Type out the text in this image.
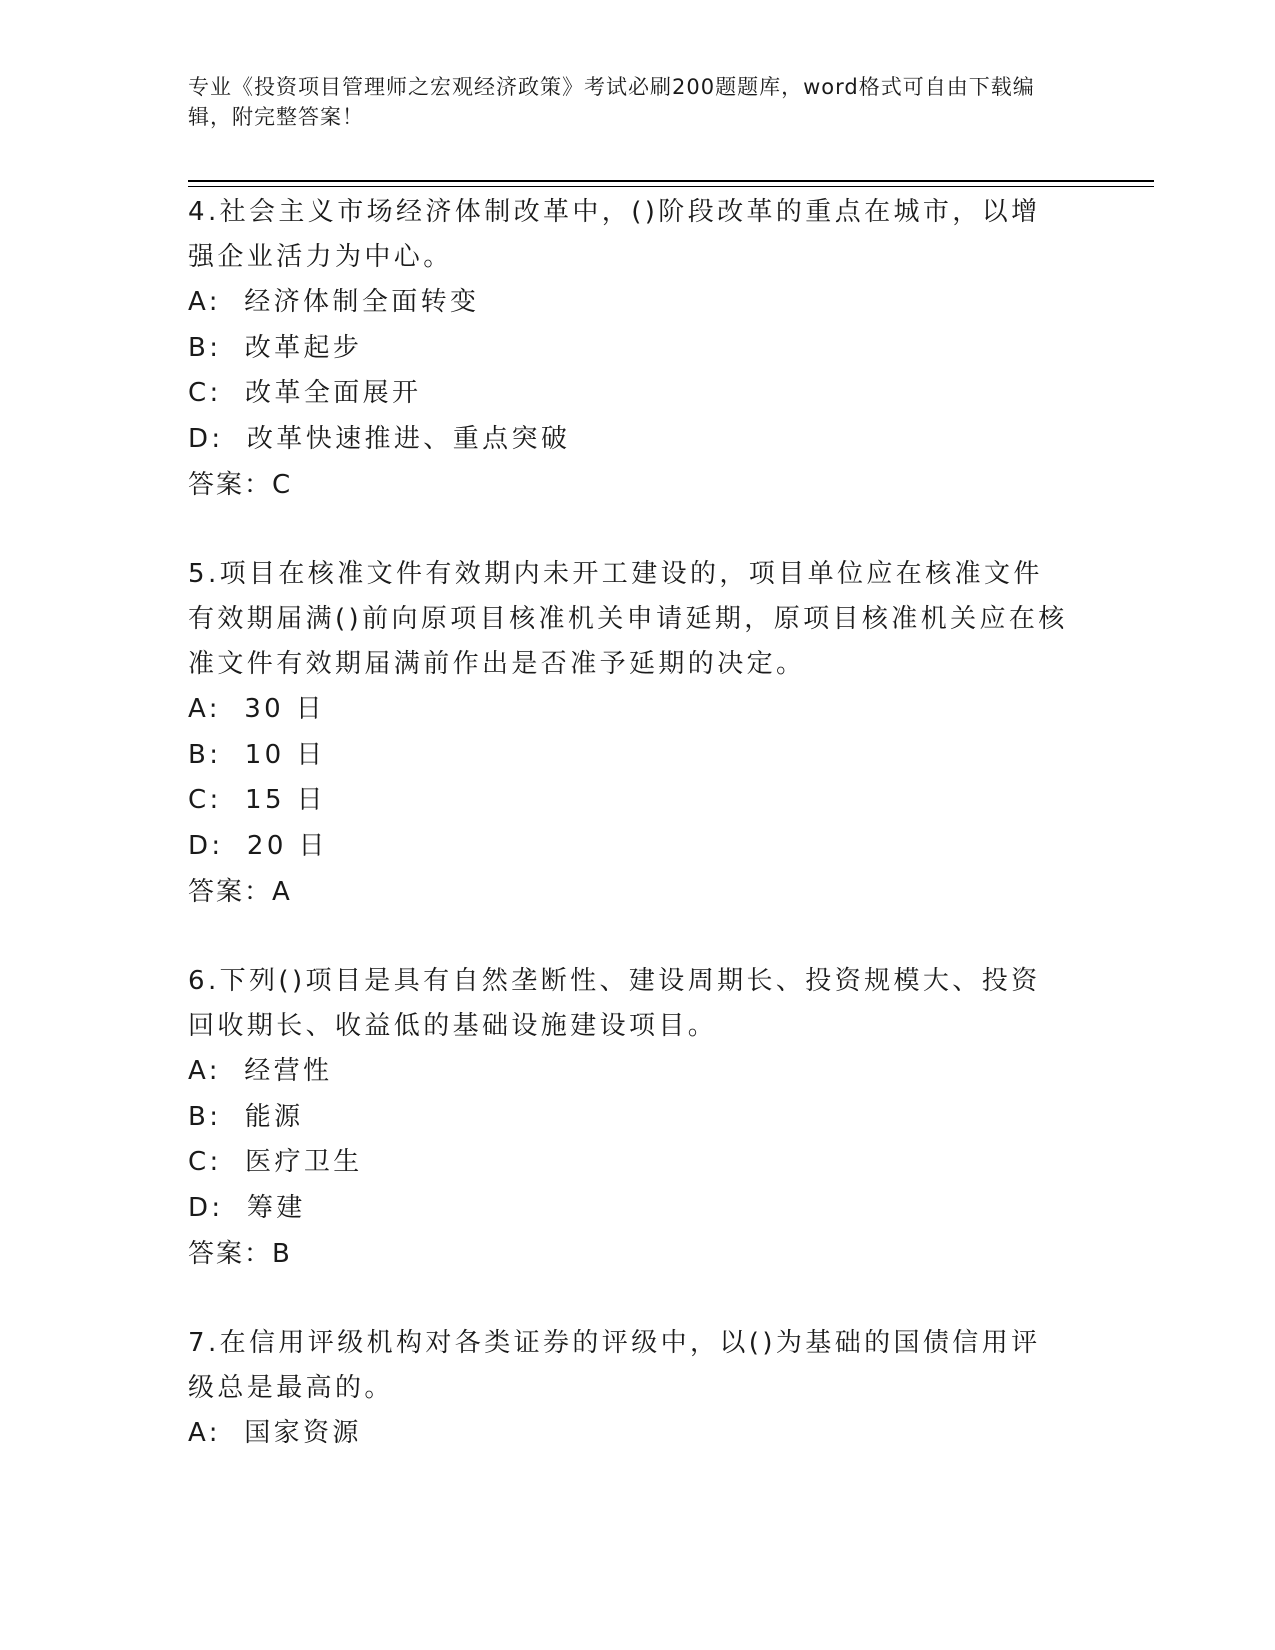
专业《投资项目管理师之宏观经济政策》考试必刷200题题库，word格式可自由下载编辑，附完整答案！

4.社会主义市场经济体制改革中，()阶段改革的重点在城市，以增强企业活力为中心。

A:  经济体制全面转变

B:  改革起步

C:  改革全面展开

D:  改革快速推进、重点突破

答案：C

5.项目在核准文件有效期内未开工建设的，项目单位应在核准文件有效期届满()前向原项目核准机关申请延期，原项目核准机关应在核准文件有效期届满前作出是否准予延期的决定。

A:  30 日

B:  10 日

C:  15 日

D:  20 日

答案：A

6.下列()项目是具有自然垄断性、建设周期长、投资规模大、投资回收期长、收益低的基础设施建设项目。

A:  经营性

B:  能源

C:  医疗卫生

D:  筹建

答案：B

7.在信用评级机构对各类证券的评级中，以()为基础的国债信用评级总是最高的。

A:  国家资源
